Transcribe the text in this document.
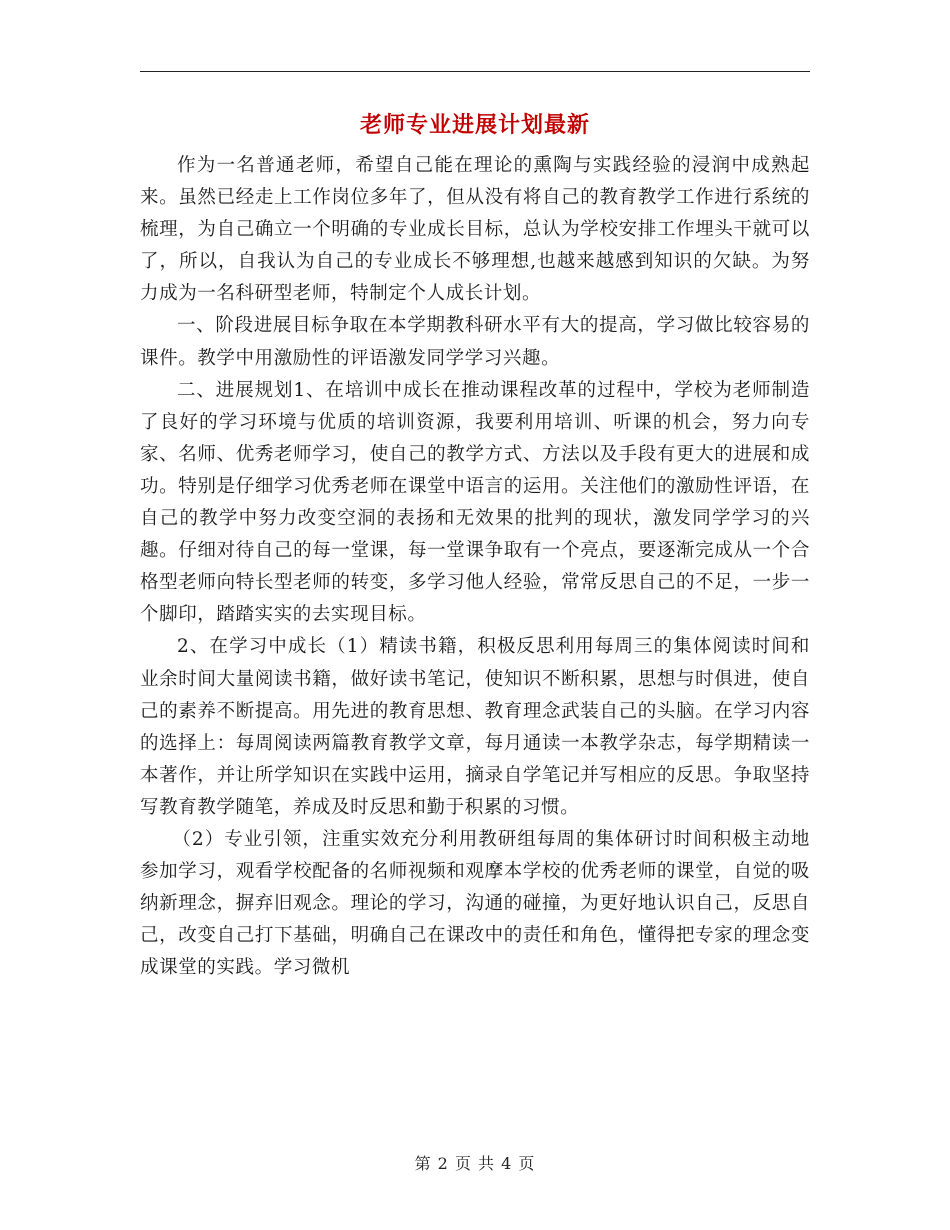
老师专业进展计划最新

作为一名普通老师，希望自己能在理论的熏陶与实践经验的浸润中成熟起来。虽然已经走上工作岗位多年了，但从没有将自己的教育教学工作进行系统的梳理，为自己确立一个明确的专业成长目标，总认为学校安排工作埋头干就可以了，所以，自我认为自己的专业成长不够理想,也越来越感到知识的欠缺。为努力成为一名科研型老师，特制定个人成长计划。

一、阶段进展目标争取在本学期教科研水平有大的提高，学习做比较容易的课件。教学中用激励性的评语激发同学学习兴趣。

二、进展规划1、在培训中成长在推动课程改革的过程中，学校为老师制造了良好的学习环境与优质的培训资源，我要利用培训、听课的机会，努力向专家、名师、优秀老师学习，使自己的教学方式、方法以及手段有更大的进展和成功。特别是仔细学习优秀老师在课堂中语言的运用。关注他们的激励性评语，在自己的教学中努力改变空洞的表扬和无效果的批判的现状，激发同学学习的兴趣。仔细对待自己的每一堂课，每一堂课争取有一个亮点，要逐渐完成从一个合格型老师向特长型老师的转变，多学习他人经验，常常反思自己的不足，一步一个脚印，踏踏实实的去实现目标。

2、在学习中成长（1）精读书籍，积极反思利用每周三的集体阅读时间和业余时间大量阅读书籍，做好读书笔记，使知识不断积累，思想与时俱进，使自己的素养不断提高。用先进的教育思想、教育理念武装自己的头脑。在学习内容的选择上：每周阅读两篇教育教学文章，每月通读一本教学杂志，每学期精读一本著作，并让所学知识在实践中运用，摘录自学笔记并写相应的反思。争取坚持写教育教学随笔，养成及时反思和勤于积累的习惯。

（2）专业引领，注重实效充分利用教研组每周的集体研讨时间积极主动地参加学习，观看学校配备的名师视频和观摩本学校的优秀老师的课堂，自觉的吸纳新理念，摒弃旧观念。理论的学习，沟通的碰撞，为更好地认识自己，反思自己，改变自己打下基础，明确自己在课改中的责任和角色，懂得把专家的理念变成课堂的实践。学习微机

第 2 页 共 4 页
